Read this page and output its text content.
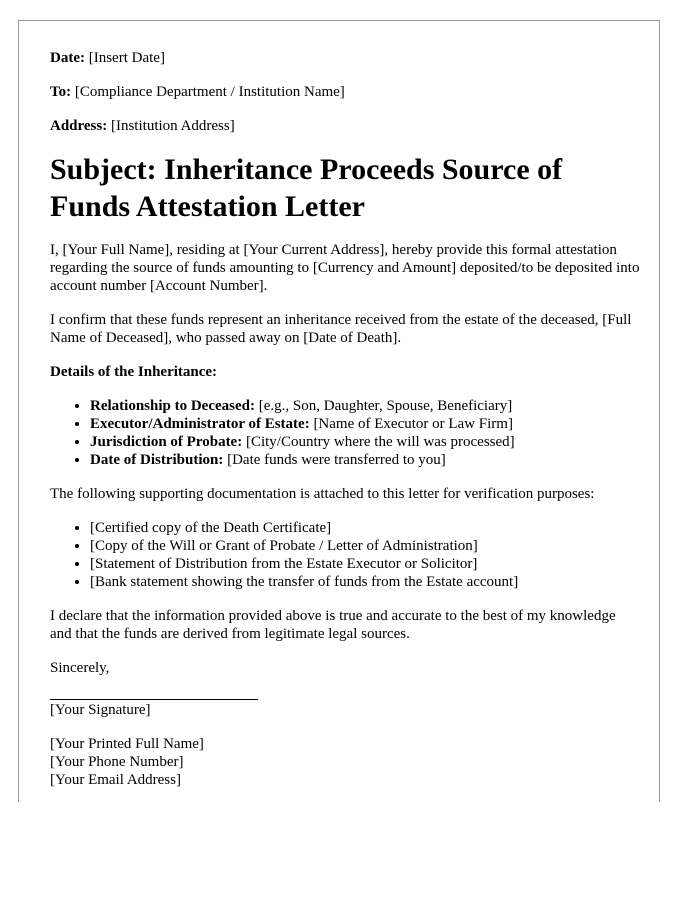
Date: [Insert Date]
To: [Compliance Department / Institution Name]
Address: [Institution Address]
Subject: Inheritance Proceeds Source of Funds Attestation Letter

I, [Your Full Name], residing at [Your Current Address], hereby provide this formal attestation regarding the source of funds amounting to [Currency and Amount] deposited/to be deposited into account number [Account Number].

I confirm that these funds represent an inheritance received from the estate of the deceased, [Full Name of Deceased], who passed away on [Date of Death].

Details of the Inheritance:

• Relationship to Deceased: [e.g., Son, Daughter, Spouse, Beneficiary]
• Executor/Administrator of Estate: [Name of Executor or Law Firm]
• Jurisdiction of Probate: [City/Country where the will was processed]
• Date of Distribution: [Date funds were transferred to you]

The following supporting documentation is attached to this letter for verification purposes:

• [Certified copy of the Death Certificate]
• [Copy of the Will or Grant of Probate / Letter of Administration]
• [Statement of Distribution from the Estate Executor or Solicitor]
• [Bank statement showing the transfer of funds from the Estate account]

I declare that the information provided above is true and accurate to the best of my knowledge and that the funds are derived from legitimate legal sources.

Sincerely,

[Your Signature]
[Your Printed Full Name]
[Your Phone Number]
[Your Email Address]
